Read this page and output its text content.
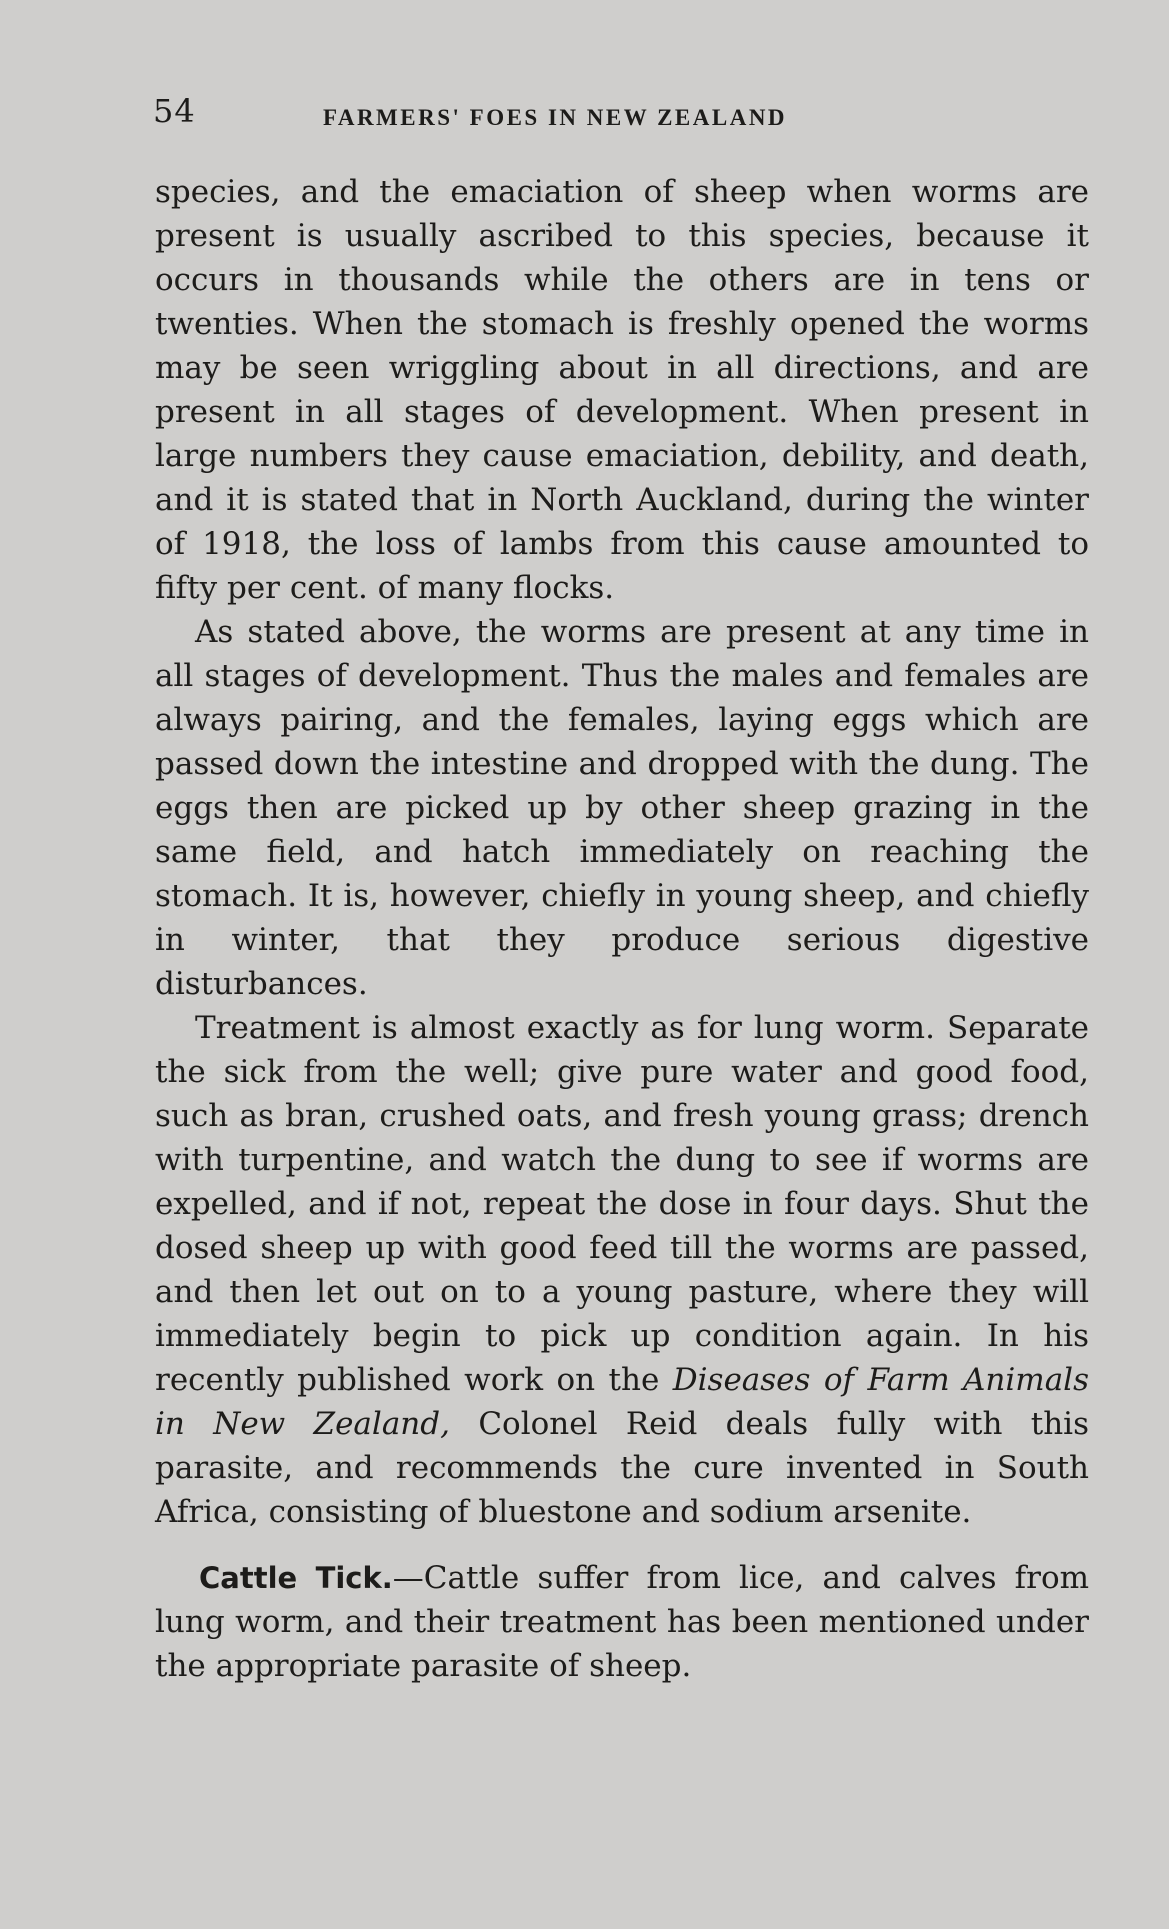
54	FARMERS' FOES IN NEW ZEALAND

species, and the emaciation of sheep when worms are present is usually ascribed to this species, because it occurs in thousands while the others are in tens or twenties. When the stomach is freshly opened the worms may be seen wriggling about in all directions, and are present in all stages of development. When present in large numbers they cause emaciation, debility, and death, and it is stated that in North Auckland, during the winter of 1918, the loss of lambs from this cause amounted to fifty per cent. of many flocks.

As stated above, the worms are present at any time in all stages of development. Thus the males and females are always pairing, and the females, laying eggs which are passed down the intestine and dropped with the dung. The eggs then are picked up by other sheep grazing in the same field, and hatch immediately on reaching the stomach. It is, however, chiefly in young sheep, and chiefly in winter, that they produce serious digestive disturbances.

Treatment is almost exactly as for lung worm. Separate the sick from the well; give pure water and good food, such as bran, crushed oats, and fresh young grass; drench with turpentine, and watch the dung to see if worms are expelled, and if not, repeat the dose in four days. Shut the dosed sheep up with good feed till the worms are passed, and then let out on to a young pasture, where they will immediately begin to pick up condition again. In his recently published work on the Diseases of Farm Animals in New Zealand, Colonel Reid deals fully with this parasite, and recommends the cure invented in South Africa, consisting of bluestone and sodium arsenite.

Cattle Tick.—Cattle suffer from lice, and calves from lung worm, and their treatment has been mentioned under the appropriate parasite of sheep.
